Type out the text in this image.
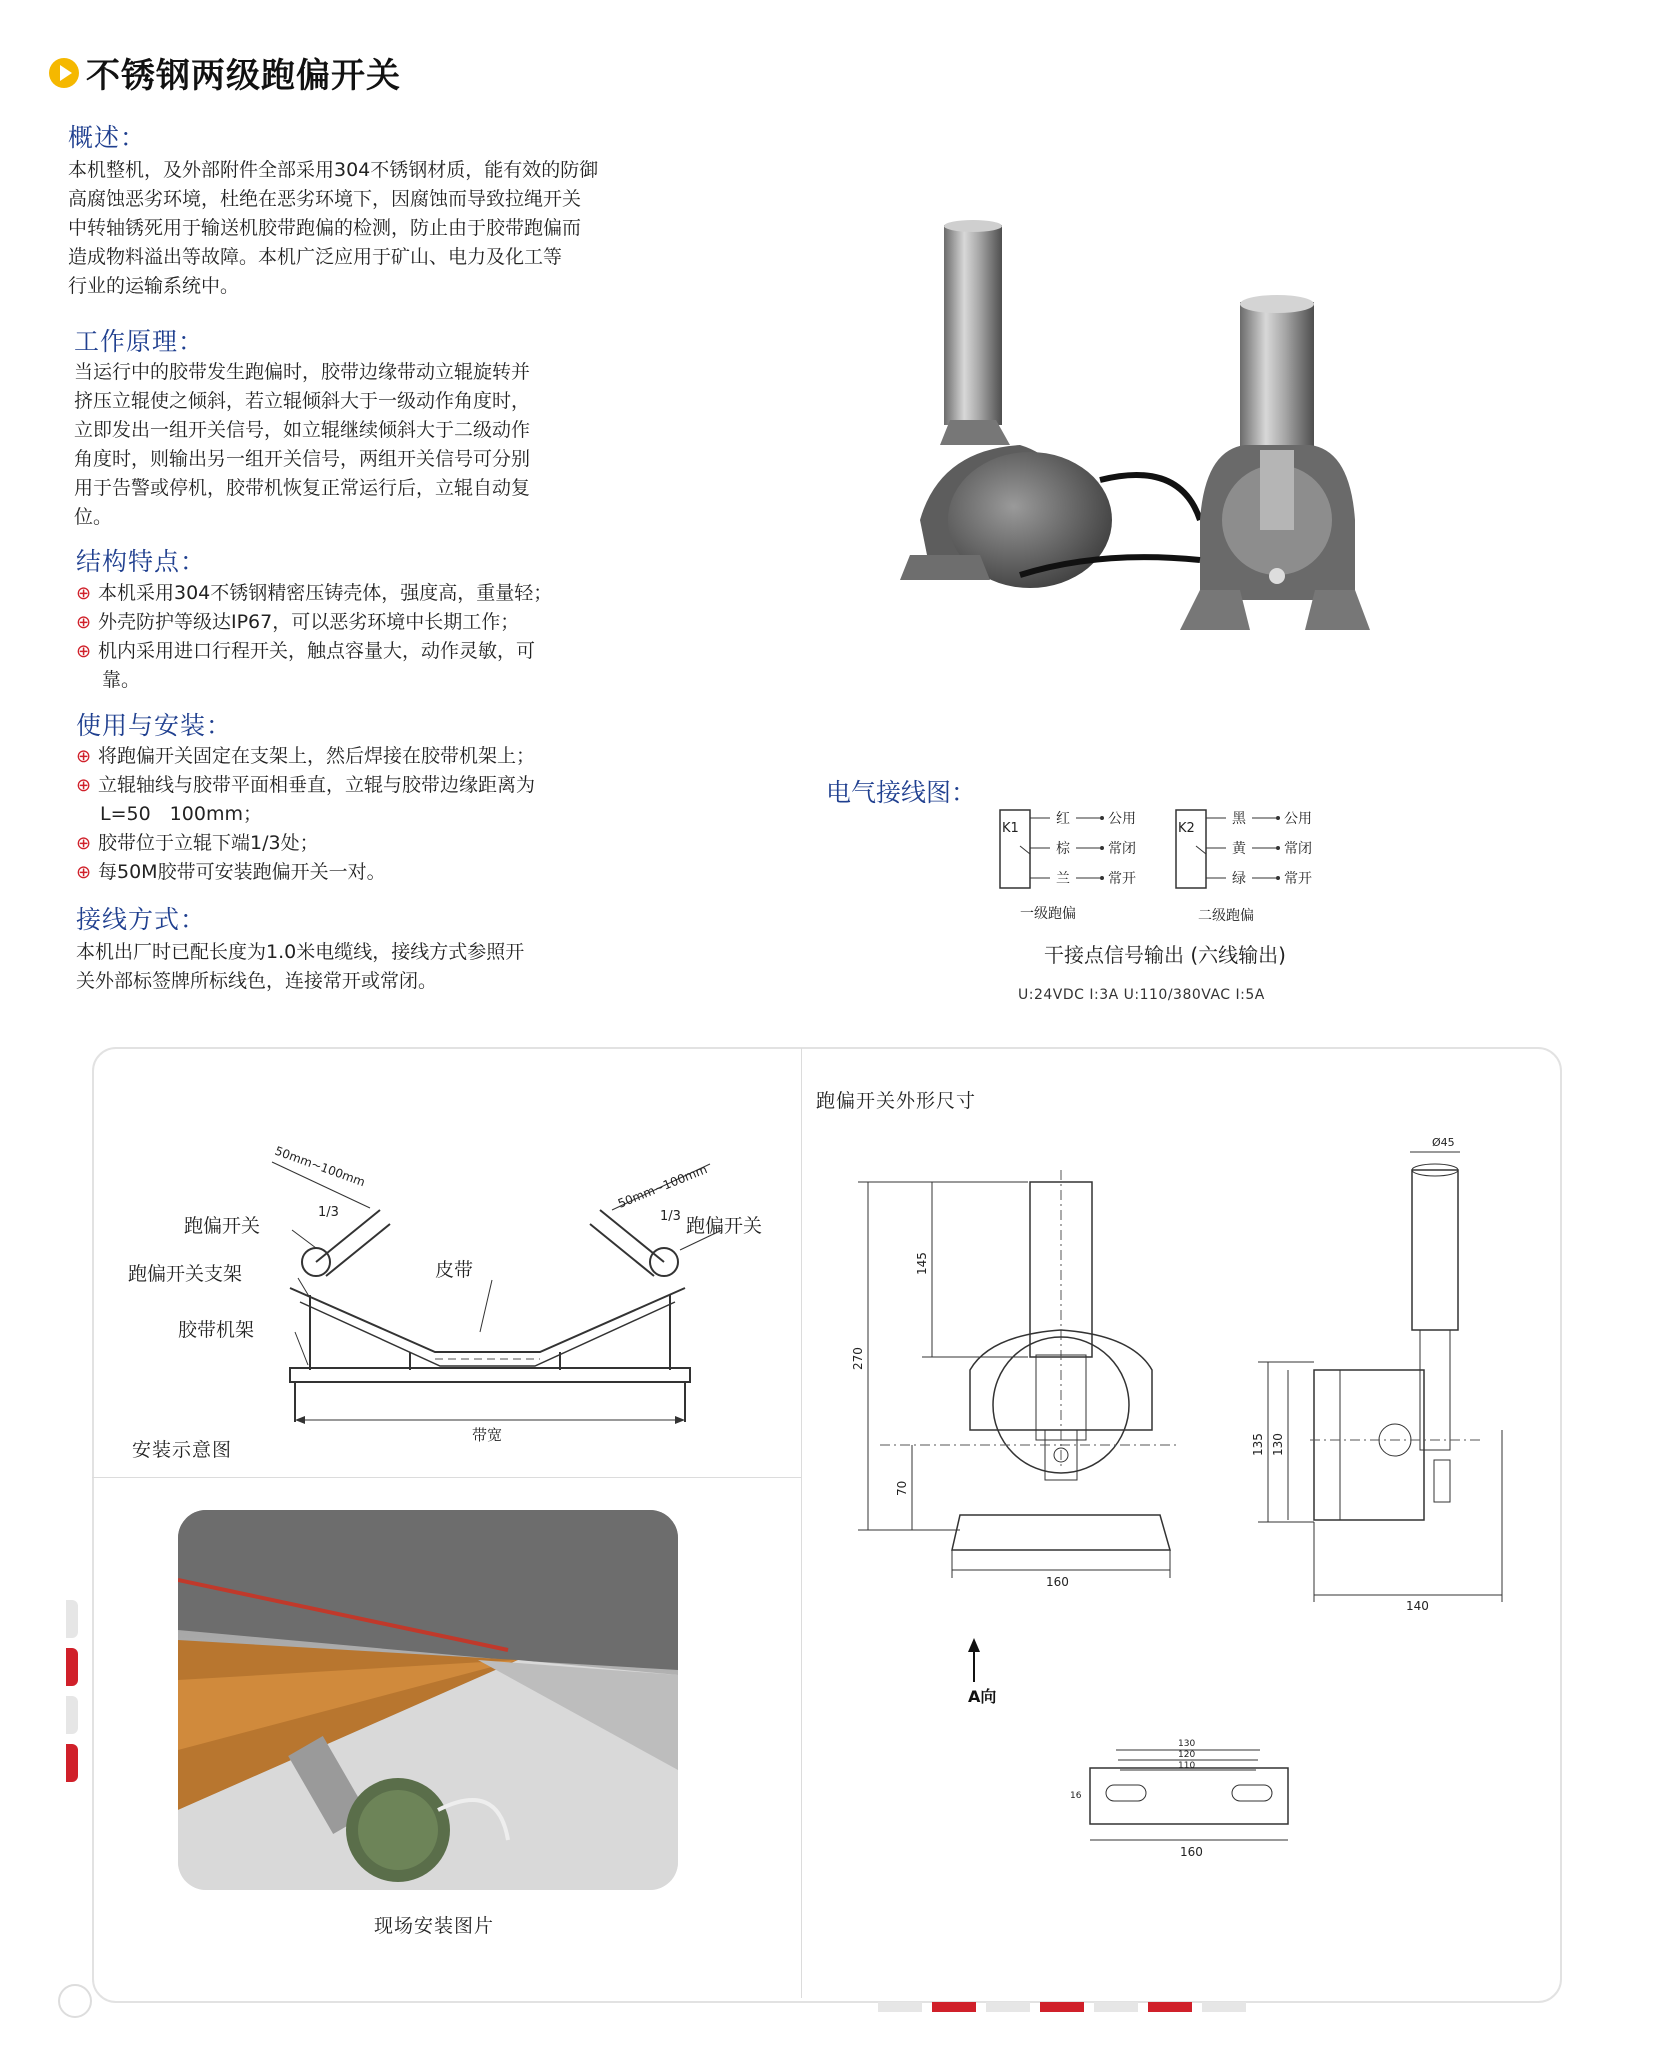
不锈钢两级跑偏开关
概述：
本机整机，及外部附件全部采用304不锈钢材质，能有效的防御
高腐蚀恶劣环境，杜绝在恶劣环境下，因腐蚀而导致拉绳开关
中转轴锈死用于输送机胶带跑偏的检测，防止由于胶带跑偏而
造成物料溢出等故障。本机广泛应用于矿山、电力及化工等
行业的运输系统中。
工作原理：
当运行中的胶带发生跑偏时，胶带边缘带动立辊旋转并
挤压立辊使之倾斜，若立辊倾斜大于一级动作角度时，
立即发出一组开关信号，如立辊继续倾斜大于二级动作
角度时，则输出另一组开关信号，两组开关信号可分别
用于告警或停机，胶带机恢复正常运行后，立辊自动复
位。
结构特点：
⊕ 本机采用304不锈钢精密压铸壳体，强度高，重量轻；
⊕ 外壳防护等级达IP67，可以恶劣环境中长期工作；
⊕ 机内采用进口行程开关，触点容量大，动作灵敏，可
靠。
使用与安装：
⊕ 将跑偏开关固定在支架上，然后焊接在胶带机架上；
⊕ 立辊轴线与胶带平面相垂直，立辊与胶带边缘距离为
L=50　100mm；
⊕ 胶带位于立辊下端1/3处；
⊕ 每50M胶带可安装跑偏开关一对。
接线方式：
本机出厂时已配长度为1.0米电缆线，接线方式参照开
关外部标签牌所标线色，连接常开或常闭。
电气接线图：
K1
红
棕
兰
公用
常闭
常开
一级跑偏
K2
黑
黄
绿
公用
常闭
常开
二级跑偏
干接点信号输出 (六线输出)
U:24VDC I:3A U:110/380VAC I:5A
50mm~100mm	50mm~100mm
1/3	1/3
跑偏开关	跑偏开关
跑偏开关支架
胶带机架
皮带
带宽
安装示意图
现场安装图片
跑偏开关外形尺寸
270
145
70
160
Ø45
135 130
140
A向
130
120
110
160
16
